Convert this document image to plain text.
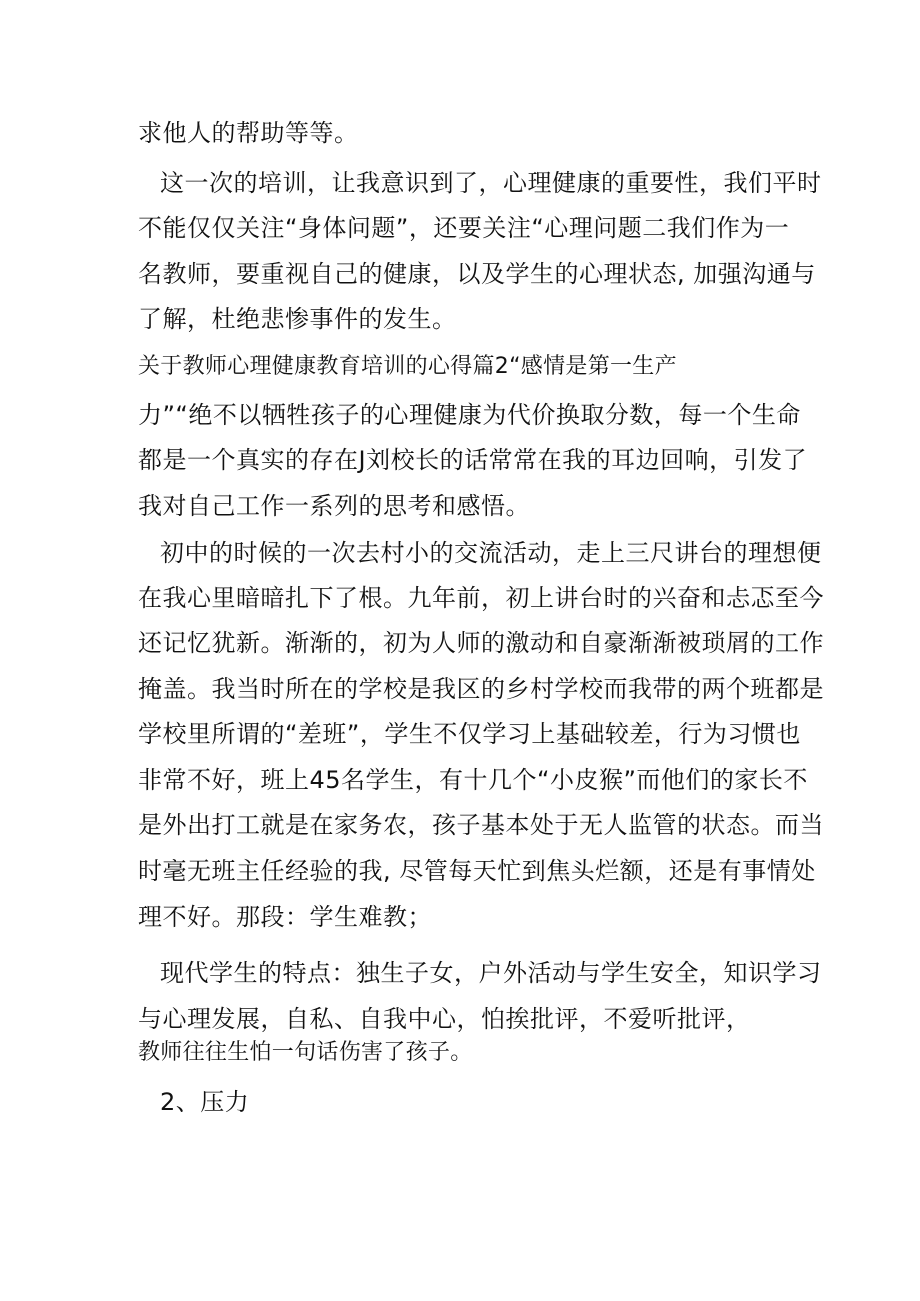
求他人的帮助等等。
这一次的培训，让我意识到了，心理健康的重要性，我们平时
不能仅仅关注“身体问题”，还要关注“心理问题二我们作为一
名教师，要重视自己的健康，以及学生的心理状态, 加强沟通与
了解，杜绝悲惨事件的发生。
关于教师心理健康教育培训的心得篇2“感情是第一生产
力”“绝不以牺牲孩子的心理健康为代价换取分数，每一个生命
都是一个真实的存在J刘校长的话常常在我的耳边回响，引发了
我对自己工作一系列的思考和感悟。
初中的时候的一次去村小的交流活动，走上三尺讲台的理想便
在我心里暗暗扎下了根。九年前，初上讲台时的兴奋和忐忑至今
还记忆犹新。渐渐的，初为人师的激动和自豪渐渐被琐屑的工作
掩盖。我当时所在的学校是我区的乡村学校而我带的两个班都是
学校里所谓的“差班”，学生不仅学习上基础较差，行为习惯也
非常不好，班上45名学生，有十几个“小皮猴”而他们的家长不
是外出打工就是在家务农，孩子基本处于无人监管的状态。而当
时毫无班主任经验的我, 尽管每天忙到焦头烂额，还是有事情处
理不好。那段：学生难教；
现代学生的特点：独生子女，户外活动与学生安全，知识学习
与心理发展，自私、自我中心，怕挨批评，不爱听批评，
教师往往生怕一句话伤害了孩子。
2、压力
